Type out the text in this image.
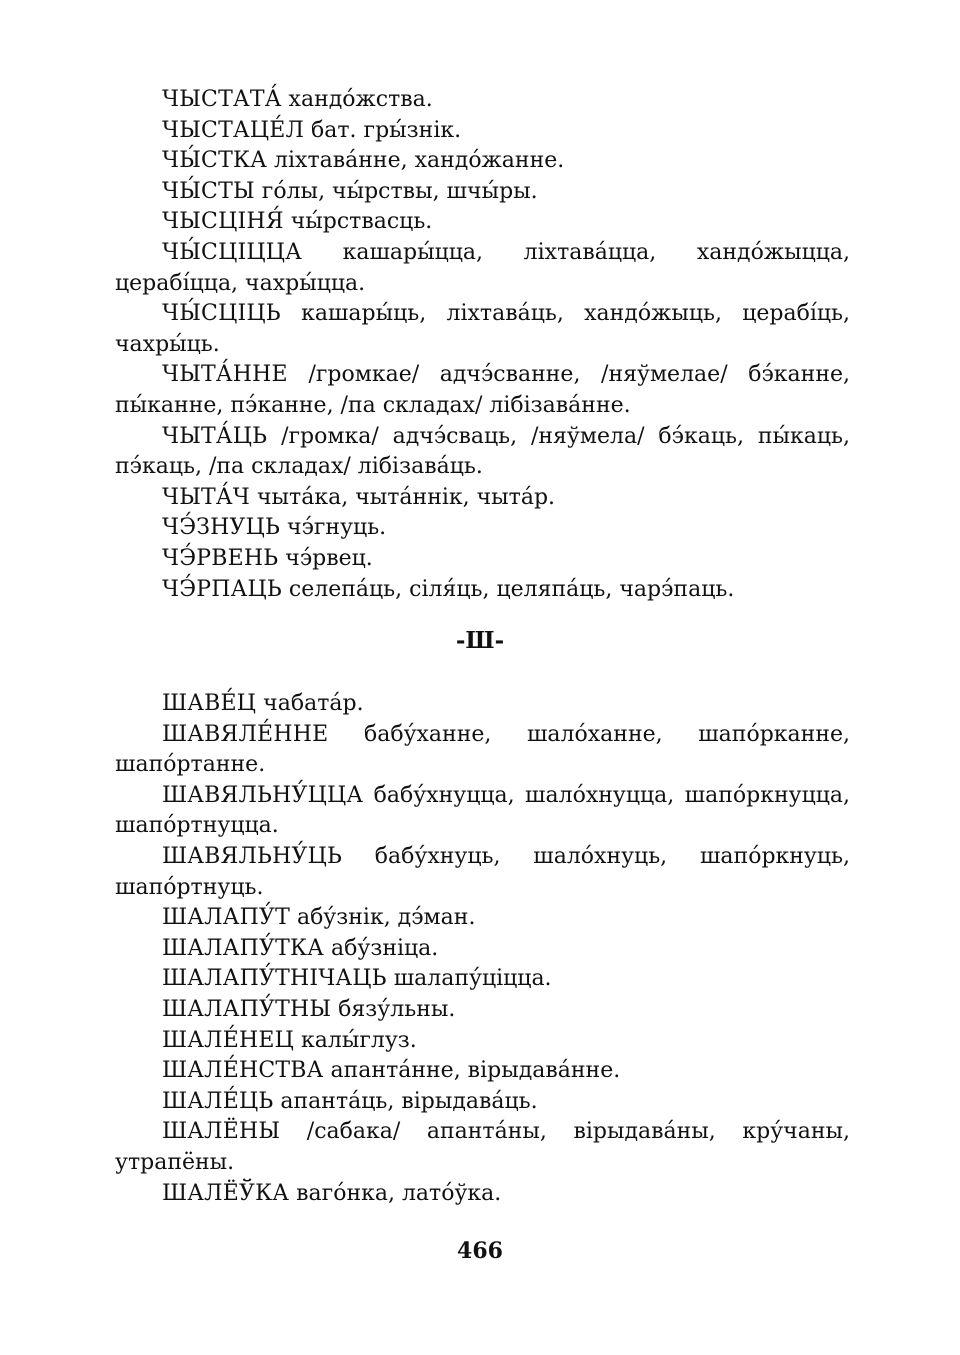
ЧЫСТАТА́ хандо́жства.

ЧЫСТАЦЕ́Л бат. гры́знік.

ЧЫ́СТКА ліхтава́нне, хандо́жанне.

ЧЫ́СТЫ го́лы, чы́рствы, шчы́ры.

ЧЫСЦІНЯ́ чы́рстваcць.

ЧЫ́СЦІЦЦА кашары́цца, ліхтава́цца, хандо́жыцца, церабі́цца, чахры́цца.

ЧЫ́СЦІЦЬ кашары́ць, ліхтава́ць, хандо́жыць, церабі́ць, чахры́ць.

ЧЫТА́ННЕ /громкае/ адчэ́сванне, /няўмелае/ бэ́канне, пы́канне, пэ́канне, /па складах/ лібізава́нне.

ЧЫТА́ЦЬ /громка/ адчэ́сваць, /няўмела/ бэ́каць, пы́каць, пэ́каць, /па складах/ лібізава́ць.

ЧЫТА́Ч чыта́ка, чыта́ннік, чыта́р.

ЧЭ́ЗНУЦЬ чэ́гнуць.

ЧЭ́РВЕНЬ чэ́рвец.

ЧЭ́РПАЦЬ селепа́ць, сіля́ць, целяпа́ць, чарэ́паць.

-Ш-

ШАВЕ́Ц чабата́р.

ШАВЯЛЕ́ННЕ бабу́ханне, шало́ханне, шапо́рканне, шапо́ртанне.

ШАВЯЛЬНУ́ЦЦА бабу́хнуцца, шало́хнуцца, шапо́ркнуцца, шапо́ртнуцца.

ШАВЯЛЬНУ́ЦЬ бабу́хнуць, шало́хнуць, шапо́ркнуць, шапо́ртнуць.

ШАЛАПУ́Т абу́знік, дэ́ман.

ШАЛАПУ́ТКА абу́зніца.

ШАЛАПУ́ТНІЧАЦЬ шалапу́ціцца.

ШАЛАПУ́ТНЫ бязу́льны.

ШАЛЕ́НЕЦ калы́глуз.

ШАЛЕ́НСТВА апанта́нне, вірыдава́нне.

ШАЛЕ́ЦЬ апанта́ць, вірыдава́ць.

ШАЛЁНЫ /сабака/ апанта́ны, вірыдава́ны, кру́чаны, утрапёны.

ШАЛЁЎКА ваго́нка, лато́ўка.

466
